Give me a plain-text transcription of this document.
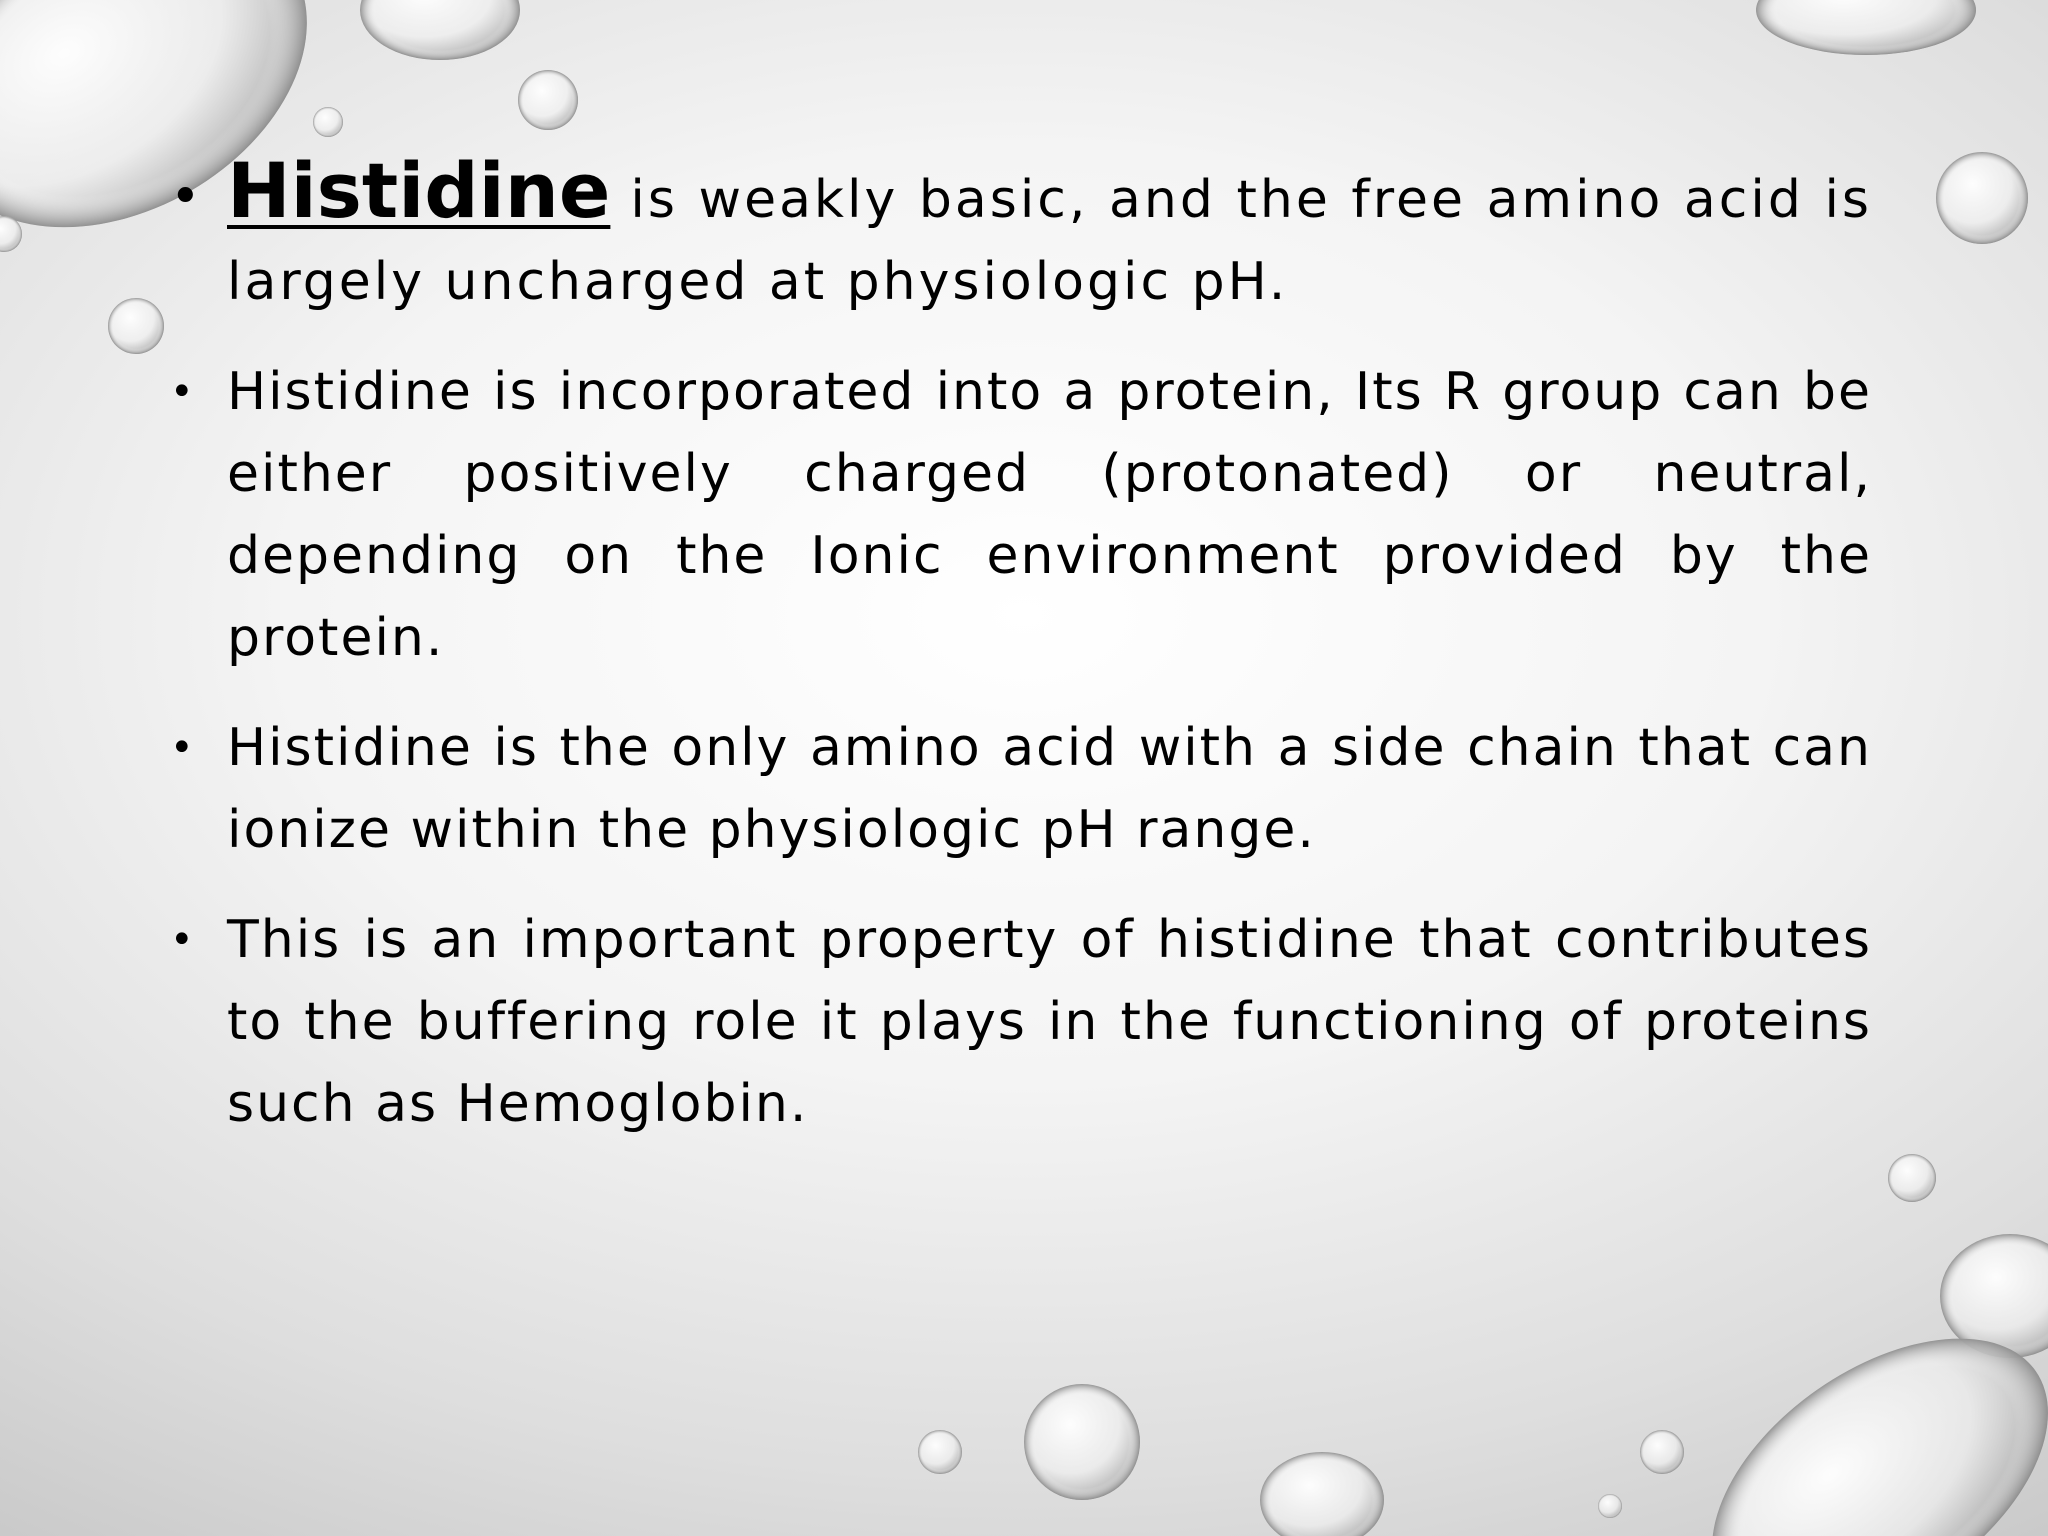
• Histidine is weakly basic, and the free amino acid is largely uncharged at physiologic pH.
• Histidine is incorporated into a protein, Its R group can be either positively charged (protonated) or neutral, depending on the Ionic environment provided by the protein.
• Histidine is the only amino acid with a side chain that can ionize within the physiologic pH range.
• This is an important property of histidine that contributes to the buffering role it plays in the functioning of proteins such as Hemoglobin.
